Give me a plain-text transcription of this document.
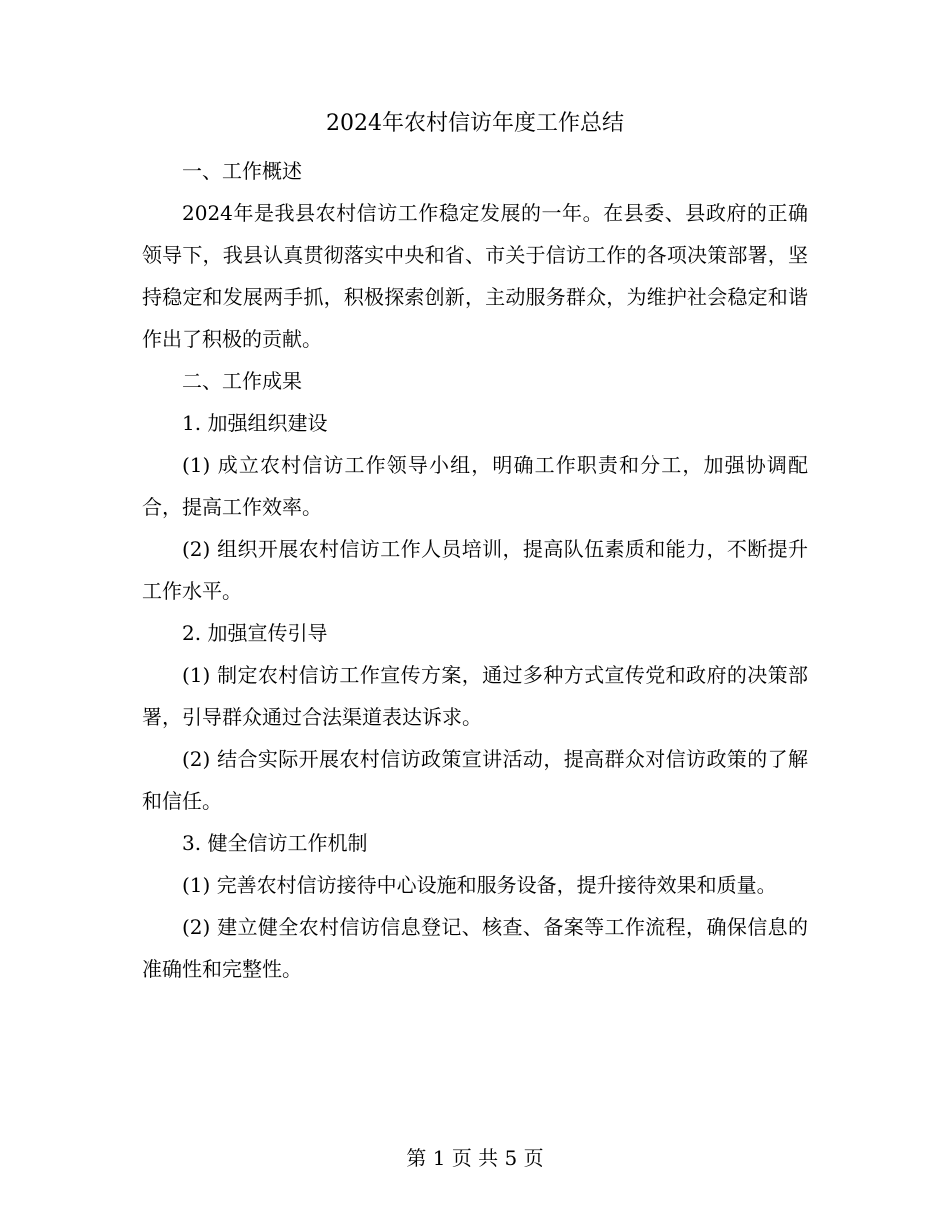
2024年农村信访年度工作总结

一、工作概述

2024年是我县农村信访工作稳定发展的一年。在县委、县政府的正确领导下，我县认真贯彻落实中央和省、市关于信访工作的各项决策部署，坚持稳定和发展两手抓，积极探索创新，主动服务群众，为维护社会稳定和谐作出了积极的贡献。

二、工作成果

1. 加强组织建设

(1) 成立农村信访工作领导小组，明确工作职责和分工，加强协调配合，提高工作效率。

(2) 组织开展农村信访工作人员培训，提高队伍素质和能力，不断提升工作水平。

2. 加强宣传引导

(1) 制定农村信访工作宣传方案，通过多种方式宣传党和政府的决策部署，引导群众通过合法渠道表达诉求。

(2) 结合实际开展农村信访政策宣讲活动，提高群众对信访政策的了解和信任。

3. 健全信访工作机制

(1) 完善农村信访接待中心设施和服务设备，提升接待效果和质量。

(2) 建立健全农村信访信息登记、核查、备案等工作流程，确保信息的准确性和完整性。

第 1 页 共 5 页
